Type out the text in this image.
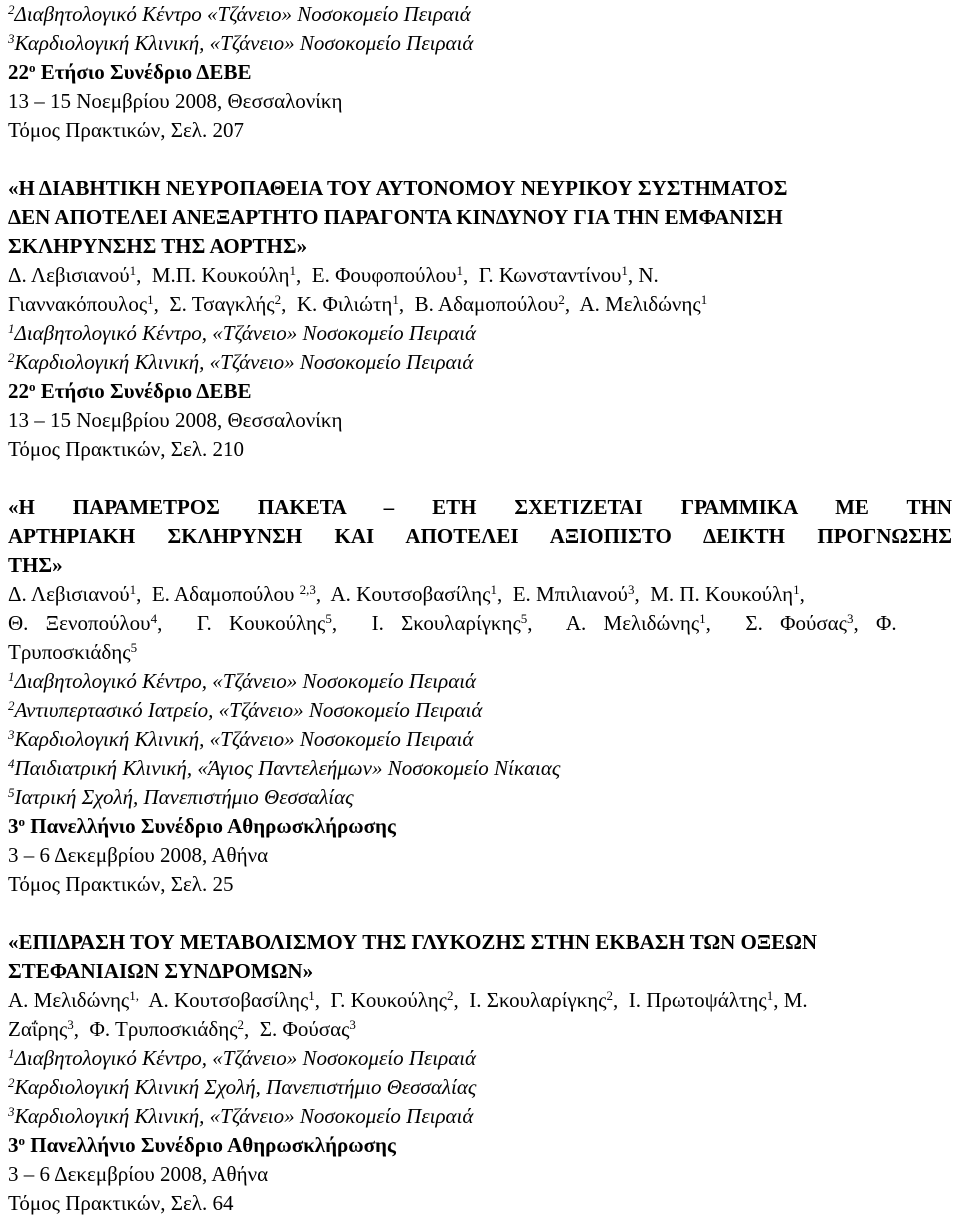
$^2$Διαβητολογικό Κέντρο «Τζάνειο» Νοσοκομείο Πειραιά
$^3$Καρδιολογική Κλινική, «Τζάνειο» Νοσοκομείο Πειραιά
$22^o$ Ετήσιο Συνέδριο ΔΕΒΕ
13 – 15 Νοεμβρίου 2008, Θεσσαλονίκη
Τόμος Πρακτικών, Σελ. 207
«Η ΔΙΑΒΗΤΙΚΗ ΝΕΥΡΟΠΑΘΕΙΑ ΤΟΥ ΑΥΤΟΝΟΜΟΥ ΝΕΥΡΙΚΟΥ ΣΥΣΤΗΜΑΤΟΣ
ΔΕΝ ΑΠΟΤΕΛΕΙ ΑΝΕΞΑΡΤΗΤΟ ΠΑΡΑΓΟΝΤΑ ΚΙΝΔΥΝΟΥ ΓΙΑ ΤΗΝ ΕΜΦΑΝΙΣΗ
ΣΚΛΗΡΥΝΣΗΣ ΤΗΣ ΑΟΡΤΗΣ»
Δ. Λεβισιανού$^1$,  Μ.Π. Κουκούλη$^1$,  Ε. Φουφοπούλου$^1$,  Γ. Κωνσταντίνου$^1$, Ν.
Γιαννακόπουλος$^1$,  Σ. Τσαγκλής$^2$,  Κ. Φιλιώτη$^1$,  Β. Αδαμοπούλου$^2$,  Α. Μελιδώνης$^1$
$^1$Διαβητολογικό Κέντρο, «Τζάνειο» Νοσοκομείο Πειραιά
$^2$Καρδιολογική Κλινική, «Τζάνειο» Νοσοκομείο Πειραιά
$22^o$ Ετήσιο Συνέδριο ΔΕΒΕ
13 – 15 Νοεμβρίου 2008, Θεσσαλονίκη
Τόμος Πρακτικών, Σελ. 210
«Η ΠΑΡΑΜΕΤΡΟΣ ΠΑΚΕΤΑ – ΕΤΗ ΣΧΕΤΙΖΕΤΑΙ ΓΡΑΜΜΙΚΑ ΜΕ ΤΗΝ
ΑΡΤΗΡΙΑΚΗ ΣΚΛΗΡΥΝΣΗ ΚΑΙ ΑΠΟΤΕΛΕΙ ΑΞΙΟΠΙΣΤΟ ΔΕΙΚΤΗ ΠΡΟΓΝΩΣΗΣ
ΤΗΣ»
Δ. Λεβισιανού$^1$,  Ε. Αδαμοπούλου $^{2,3}$,  Α. Κουτσοβασίλης$^1$,  Ε. Μπιλιανού$^3$,  Μ. Π. Κουκούλη$^1$,
Θ. Ξενοπούλου$^4$,  Γ. Κουκούλης$^5$,  Ι. Σκουλαρίγκης$^5$,  Α. Μελιδώνης$^1$,  Σ. Φούσας$^3$, Φ.
Τρυποσκιάδης$^5$
$^1$Διαβητολογικό Κέντρο, «Τζάνειο» Νοσοκομείο Πειραιά
$^2$Αντιυπερτασικό Ιατρείο, «Τζάνειο» Νοσοκομείο Πειραιά
$^3$Καρδιολογική Κλινική, «Τζάνειο» Νοσοκομείο Πειραιά
$^4$Παιδιατρική Κλινική, «Άγιος Παντελεήμων» Νοσοκομείο Νίκαιας
$^5$Ιατρική Σχολή, Πανεπιστήμιο Θεσσαλίας
$3^o$ Πανελλήνιο Συνέδριο Αθηρωσκλήρωσης
3 – 6 Δεκεμβρίου 2008, Αθήνα
Τόμος Πρακτικών, Σελ. 25
«ΕΠΙΔΡΑΣΗ ΤΟΥ ΜΕΤΑΒΟΛΙΣΜΟΥ ΤΗΣ ΓΛΥΚΟΖΗΣ ΣΤΗΝ ΕΚΒΑΣΗ ΤΩΝ ΟΞΕΩΝ
ΣΤΕΦΑΝΙΑΙΩΝ ΣΥΝΔΡΟΜΩΝ»
Α. Μελιδώνης$^{1,}$ Α. Κουτσοβασίλης$^1$,  Γ. Κουκούλης$^2$,  Ι. Σκουλαρίγκης$^2$,  Ι. Πρωτοψάλτης$^1$, Μ.
Ζαΐρης$^3$,  Φ. Τρυποσκιάδης$^2$,  Σ. Φούσας$^3$
$^1$Διαβητολογικό Κέντρο, «Τζάνειο» Νοσοκομείο Πειραιά
$^2$Καρδιολογική Κλινική Σχολή, Πανεπιστήμιο Θεσσαλίας
$^3$Καρδιολογική Κλινική, «Τζάνειο» Νοσοκομείο Πειραιά
$3^o$ Πανελλήνιο Συνέδριο Αθηρωσκλήρωσης
3 – 6 Δεκεμβρίου 2008, Αθήνα
Τόμος Πρακτικών, Σελ. 64
